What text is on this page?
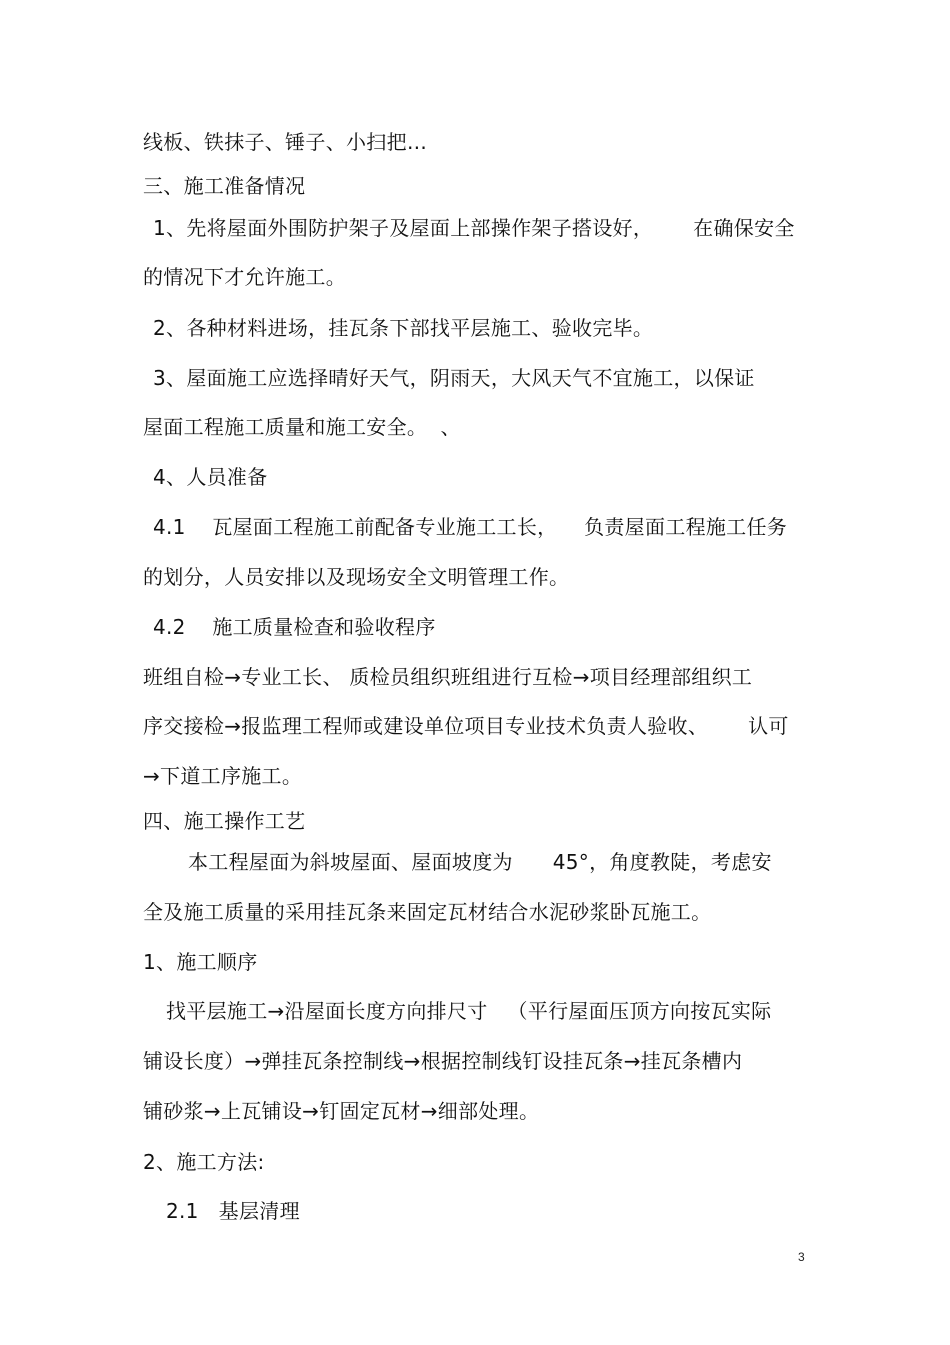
线板、铁抹子、锤子、小扫把…
三、施工准备情况
1、先将屋面外围防护架子及屋面上部操作架子搭设好，      在确保安全
的情况下才允许施工。
2、各种材料进场，挂瓦条下部找平层施工、验收完毕。
3、屋面施工应选择晴好天气，阴雨天，大风天气不宜施工，以保证
屋面工程施工质量和施工安全。  、
4、人员准备
4.1    瓦屋面工程施工前配备专业施工工长，    负责屋面工程施工任务
的划分，人员安排以及现场安全文明管理工作。
4.2    施工质量检查和验收程序
班组自检→专业工长、 质检员组织班组进行互检→项目经理部组织工
序交接检→报监理工程师或建设单位项目专业技术负责人验收、      认可
→下道工序施工。
四、施工操作工艺
本工程屋面为斜坡屋面、屋面坡度为      45°，角度教陡，考虑安
全及施工质量的采用挂瓦条来固定瓦材结合水泥砂浆卧瓦施工。
1、施工顺序
找平层施工→沿屋面长度方向排尺寸   （平行屋面压顶方向按瓦实际
铺设长度）→弹挂瓦条控制线→根据控制线钉设挂瓦条→挂瓦条槽内
铺砂浆→上瓦铺设→钉固定瓦材→细部处理。
2、施工方法:
2.1   基层清理
3
